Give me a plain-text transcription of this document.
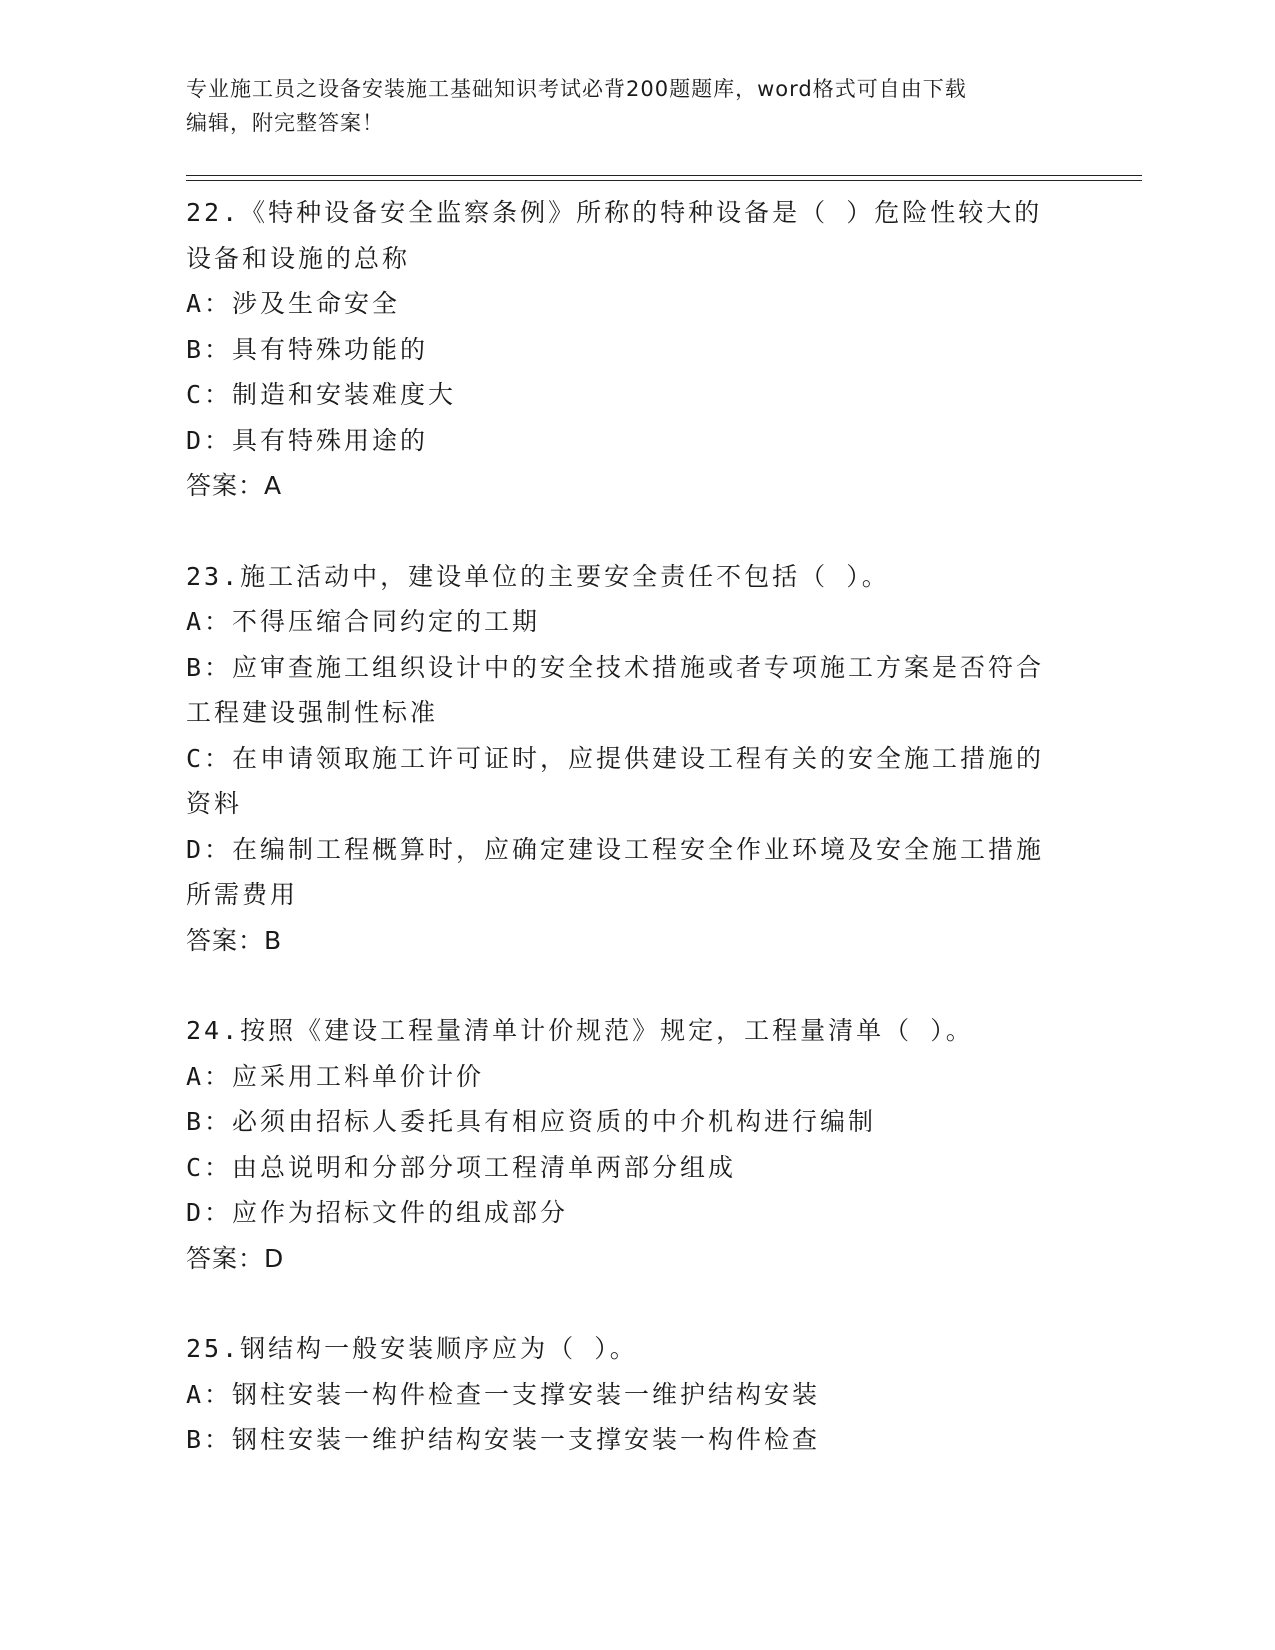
专业施工员之设备安装施工基础知识考试必背200题题库，word格式可自由下载
编辑，附完整答案！
22.《特种设备安全监察条例》所称的特种设备是（ ）危险性较大的
设备和设施的总称
A：涉及生命安全
B：具有特殊功能的
C：制造和安装难度大
D：具有特殊用途的
答案：A
23.施工活动中，建设单位的主要安全责任不包括（ ）。
A：不得压缩合同约定的工期
B：应审查施工组织设计中的安全技术措施或者专项施工方案是否符合
工程建设强制性标准
C：在申请领取施工许可证时，应提供建设工程有关的安全施工措施的
资料
D：在编制工程概算时，应确定建设工程安全作业环境及安全施工措施
所需费用
答案：B
24.按照《建设工程量清单计价规范》规定，工程量清单（ ）。
A：应采用工料单价计价
B：必须由招标人委托具有相应资质的中介机构进行编制
C：由总说明和分部分项工程清单两部分组成
D：应作为招标文件的组成部分
答案：D
25.钢结构一般安装顺序应为（ ）。
A：钢柱安装一构件检查一支撑安装一维护结构安装
B：钢柱安装一维护结构安装一支撑安装一构件检查
